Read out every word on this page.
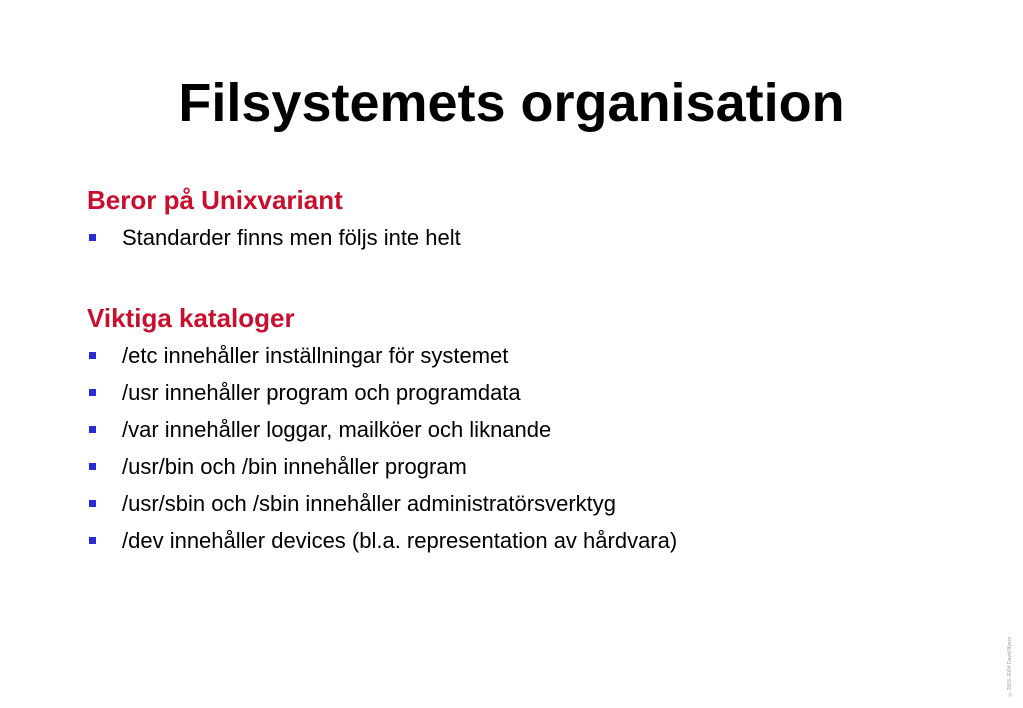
Filsystemets organisation

Beror på Unixvariant

Standarder finns men följs inte helt

Viktiga kataloger

/etc innehåller inställningar för systemet
/usr innehåller program och programdata
/var innehåller loggar, mailköer och liknande
/usr/bin och /bin innehåller program
/usr/sbin och /sbin innehåller administratörsverktyg
/dev innehåller devices (bl.a. representation av hårdvara)
©2003–2004 David Byers
